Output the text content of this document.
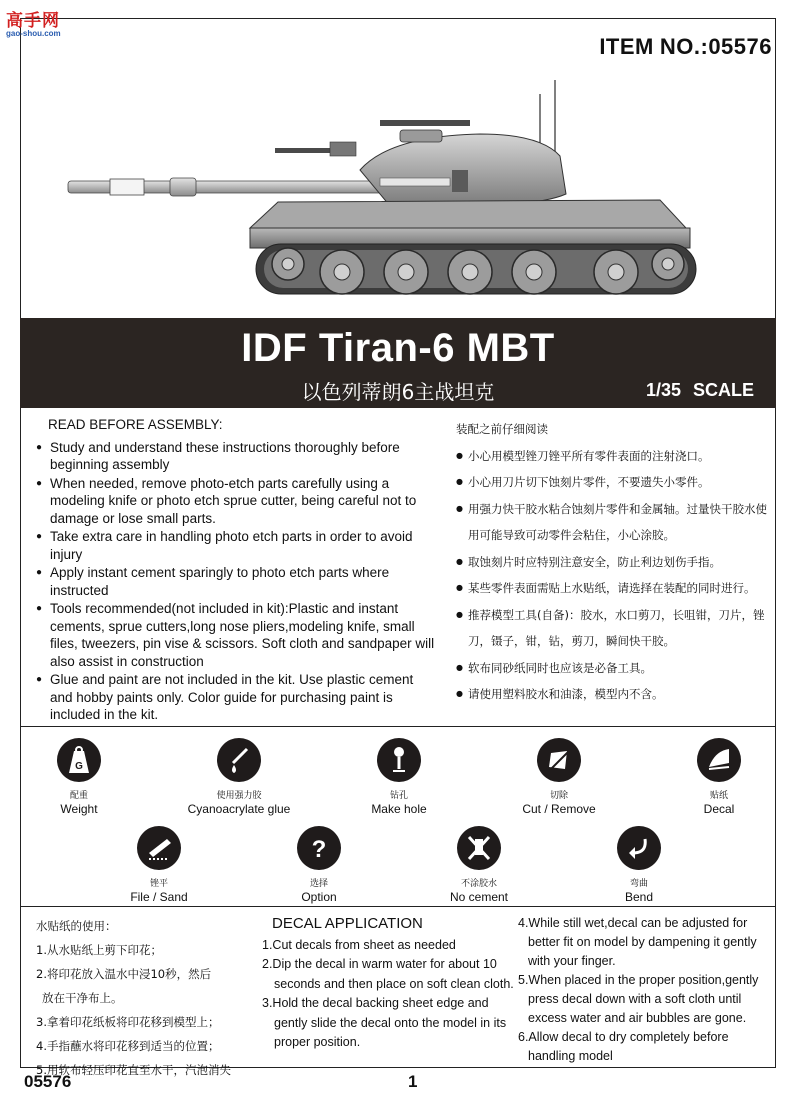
高手网
gao-shou.com
ITEM NO.:05576
IDF Tiran-6 MBT
以色列蒂朗6主战坦克	1/35 SCALE
READ BEFORE ASSEMBLY:
● Study and understand these instructions thoroughly before beginning assembly
● When needed, remove photo-etch parts carefully using a modeling knife or photo etch sprue cutter, being careful not to damage or lose small parts.
● Take extra care in handling photo etch parts in order to avoid injury
● Apply instant cement sparingly to photo etch parts where instructed
● Tools recommended(not included in kit):Plastic and instant cements, sprue cutters,long nose pliers,modeling knife, small files, tweezers, pin vise & scissors. Soft cloth and sandpaper will also assist in construction
● Glue and paint are not included in the kit. Use plastic cement and hobby paints only. Color guide for purchasing paint is included in the kit.
装配之前仔细阅读
● 小心用模型锉刀锉平所有零件表面的注射浇口。
● 小心用刀片切下蚀刻片零件，不要遗失小零件。
● 用强力快干胶水粘合蚀刻片零件和金属轴。过量快干胶水使用可能导致可动零件会粘住，小心涂胶。
● 取蚀刻片时应特别注意安全，防止利边划伤手指。
● 某些零件表面需贴上水贴纸，请选择在装配的同时进行。
● 推荐模型工具(自备)：胶水，水口剪刀，长咀钳，刀片，锉刀，镊子，钳，钻，剪刀，瞬间快干胶。
● 软布同砂纸同时也应该是必备工具。
● 请使用塑料胶水和油漆，模型内不含。
G
配重
Weight
使用强力胶
Cyanoacrylate glue
钻孔
Make hole
切除
Cut / Remove
贴纸
Decal
锉平
File / Sand
?
选择
Option
不涂胶水
No cement
弯曲
Bend
水贴纸的使用：
1.从水贴纸上剪下印花；
2.将印花放入温水中浸10秒，然后
放在干净布上。
3.拿着印花纸板将印花移到模型上；
4.手指蘸水将印花移到适当的位置；
5.用软布轻压印花直至水干，汽泡消失
DECAL APPLICATION
1.Cut decals from sheet as needed
2.Dip the decal in warm water for about 10 seconds and then place on soft clean cloth.
3.Hold the decal backing sheet edge and gently slide the decal onto the model in its proper position.
4.While still wet,decal can be adjusted for better fit on model by dampening it gently with your finger.
5.When placed in the proper position,gently press decal down with a soft cloth until excess water and air bubbles are gone.
6.Allow decal to dry completely before handling model
05576	1
